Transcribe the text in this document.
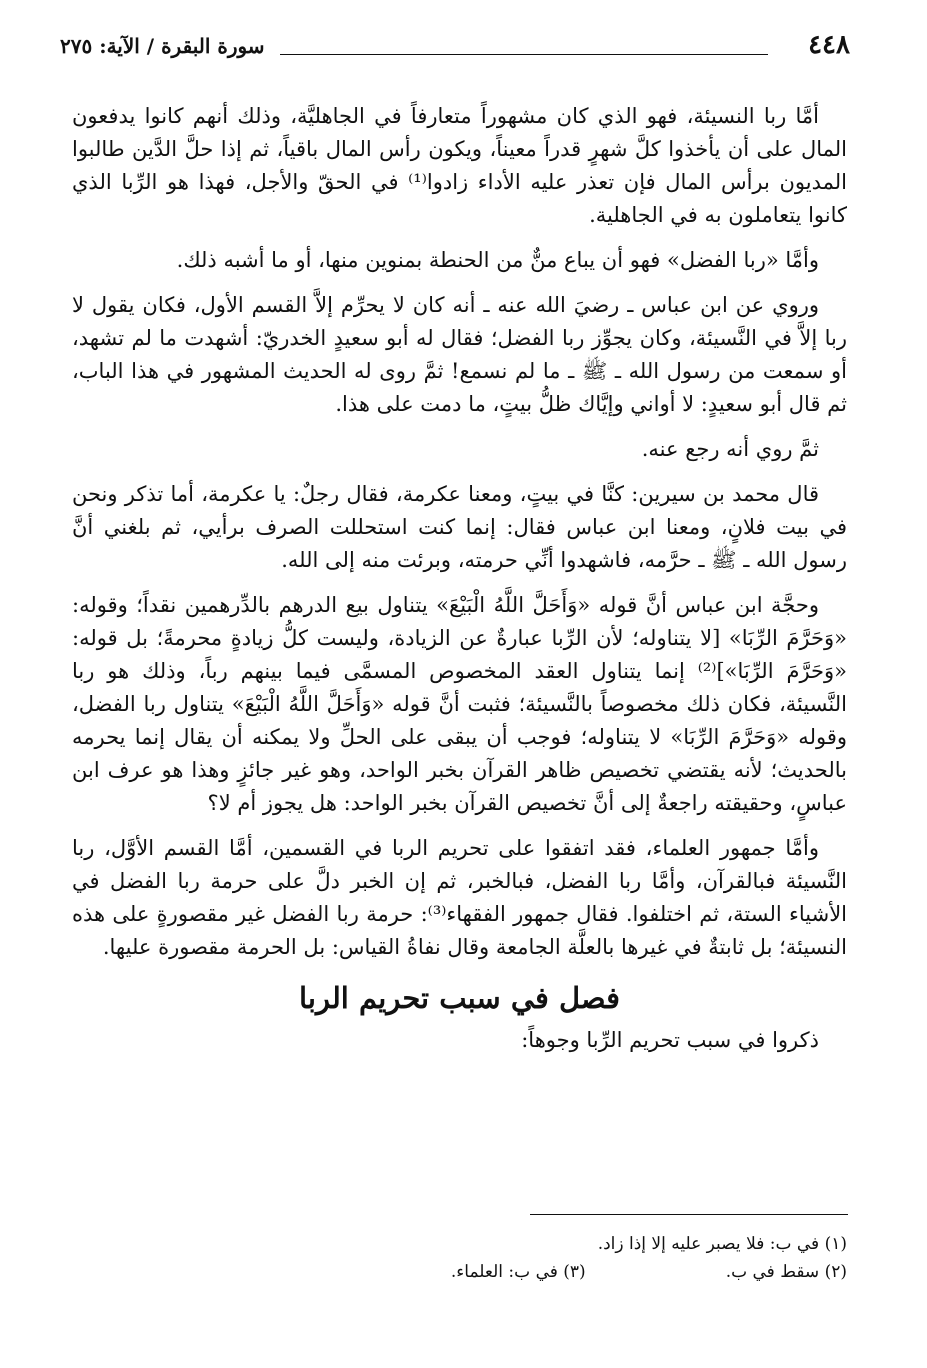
٤٤٨
سورة البقرة / الآية: ٢٧٥

أمَّا ربا النسيئة، فهو الذي كان مشهوراً متعارفاً في الجاهليَّة، وذلك أنهم كانوا يدفعون المال على أن يأخذوا كلَّ شهرٍ قدراً معيناً، ويكون رأس المال باقياً، ثم إذا حلَّ الدَّين طالبوا المديون برأس المال فإن تعذر عليه الأداء زادوا⁽¹⁾ في الحقّ والأجل، فهذا هو الرِّبا الذي كانوا يتعاملون به في الجاهلية.

وأمَّا «ربا الفضل» فهو أن يباع منٌّ من الحنطة بمنوين منها، أو ما أشبه ذلك.

وروي عن ابن عباس ـ رضيَ الله عنه ـ أنه كان لا يحرِّم إلاَّ القسم الأول، فكان يقول لا ربا إلاَّ في النَّسيئة، وكان يجوِّز ربا الفضل؛ فقال له أبو سعيدٍ الخدريّ: أشهدت ما لم تشهد، أو سمعت من رسول الله ـ ﷺ ـ ما لم نسمع! ثمَّ روى له الحديث المشهور في هذا الباب، ثم قال أبو سعيدٍ: لا أواني وإيَّاك ظلُّ بيتٍ، ما دمت على هذا.

ثمَّ روي أنه رجع عنه.

قال محمد بن سيرين: كنَّا في بيتٍ، ومعنا عكرمة، فقال رجلٌ: يا عكرمة، أما تذكر ونحن في بيت فلانٍ، ومعنا ابن عباس فقال: إنما كنت استحللت الصرف برأيي، ثم بلغني أنَّ رسول الله ـ ﷺ ـ حرَّمه، فاشهدوا أنِّي حرمته، وبرئت منه إلى الله.

وحجَّة ابن عباس أنَّ قوله «وَأَحَلَّ اللَّهُ الْبَيْعَ» يتناول بيع الدرهم بالدِّرهمين نقداً؛ وقوله: «وَحَرَّمَ الرِّبَا» [لا يتناوله؛ لأن الرِّبا عبارةٌ عن الزيادة، وليست كلُّ زيادةٍ محرمةً؛ بل قوله: «وَحَرَّمَ الرِّبَا»]⁽²⁾ إنما يتناول العقد المخصوص المسمَّى فيما بينهم رباً، وذلك هو ربا النَّسيئة، فكان ذلك مخصوصاً بالنَّسيئة؛ فثبت أنَّ قوله «وَأَحَلَّ اللَّهُ الْبَيْعَ» يتناول ربا الفضل، وقوله «وَحَرَّمَ الرِّبَا» لا يتناوله؛ فوجب أن يبقى على الحلِّ ولا يمكنه أن يقال إنما يحرمه بالحديث؛ لأنه يقتضي تخصيص ظاهر القرآن بخبر الواحد، وهو غير جائزٍ وهذا هو عرف ابن عباسٍ، وحقيقته راجعةٌ إلى أنَّ تخصيص القرآن بخبر الواحد: هل يجوز أم لا؟

وأمَّا جمهور العلماء، فقد اتفقوا على تحريم الربا في القسمين، أمَّا القسم الأوَّل، ربا النَّسيئة فبالقرآن، وأمَّا ربا الفضل، فبالخبر، ثم إن الخبر دلَّ على حرمة ربا الفضل في الأشياء الستة، ثم اختلفوا. فقال جمهور الفقهاء⁽³⁾: حرمة ربا الفضل غير مقصورةٍ على هذه النسيئة؛ بل ثابتةٌ في غيرها بالعلَّة الجامعة وقال نفاةُ القياس: بل الحرمة مقصورة عليها.

فصل في سبب تحريم الربا

ذكروا في سبب تحريم الرِّبا وجوهاً:

(١) في ب: فلا يصبر عليه إلا إذا زاد.
(٢) سقط في ب.
(٣) في ب: العلماء.
